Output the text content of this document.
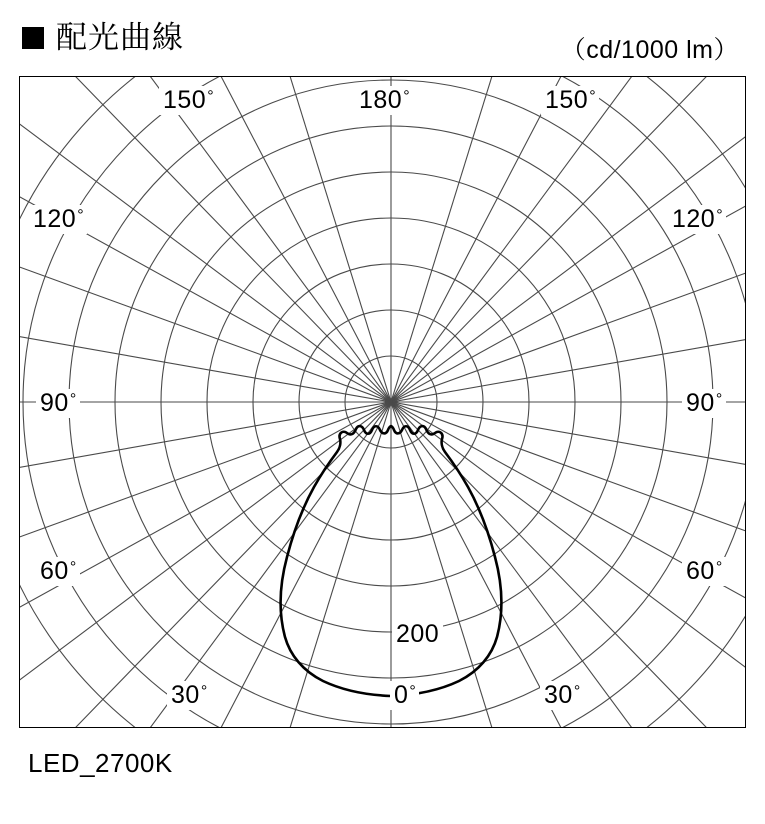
配光曲線	（cd/1000 lm）
180°
150°	150°
120°	120°
90°	90°
60°	60°
30°	30°
0°
200
LED_2700K
